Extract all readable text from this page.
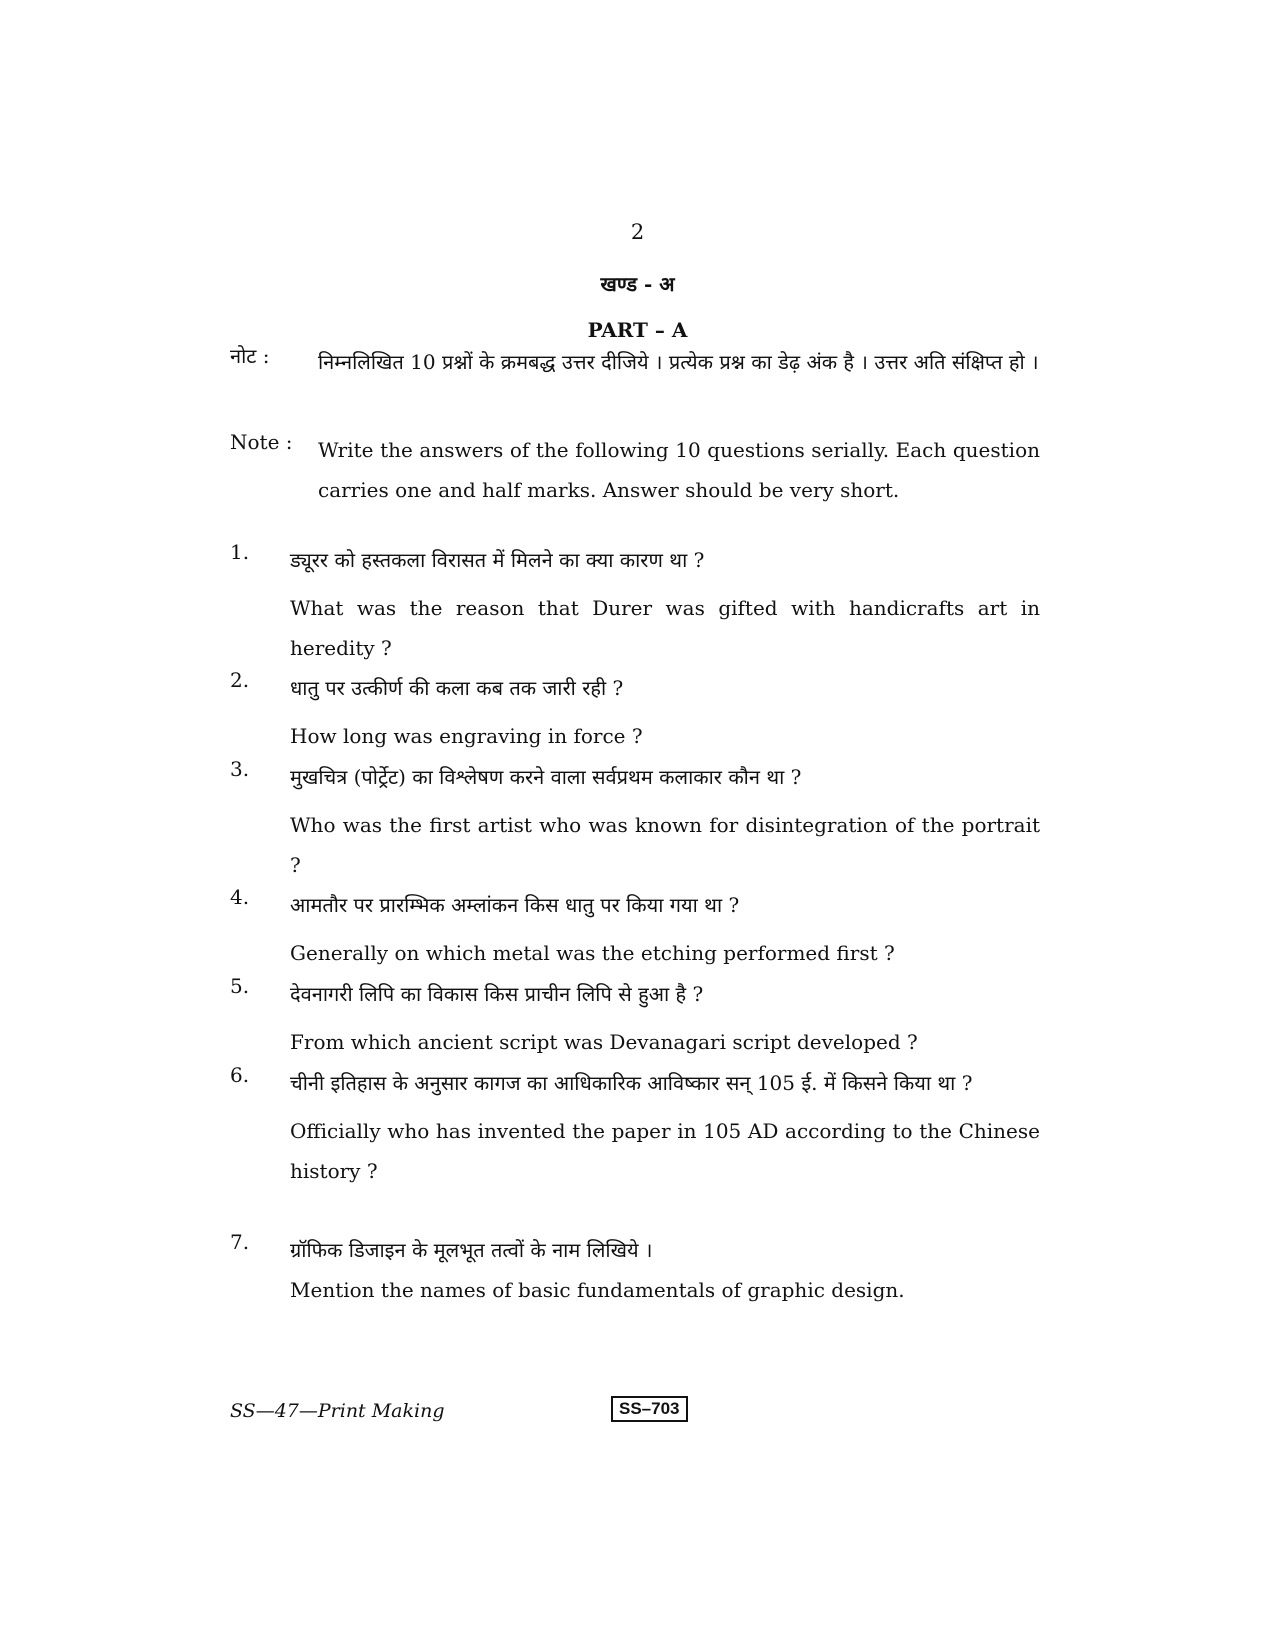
2
खण्ड - अ
PART – A
नोट : निम्नलिखित 10 प्रश्नों के क्रमबद्ध उत्तर दीजिये । प्रत्येक प्रश्न का डेढ़ अंक है । उत्तर अति संक्षिप्त हो ।
Note : Write the answers of the following 10 questions serially. Each question carries one and half marks. Answer should be very short.
1. ड्यूरर को हस्तकला विरासत में मिलने का क्या कारण था ?
What was the reason that Durer was gifted with handicrafts art in heredity ?
2. धातु पर उत्कीर्ण की कला कब तक जारी रही ?
How long was engraving in force ?
3. मुखचित्र (पोर्ट्रेट) का विश्लेषण करने वाला सर्वप्रथम कलाकार कौन था ?
Who was the first artist who was known for disintegration of the portrait ?
4. आमतौर पर प्रारम्भिक अम्लांकन किस धातु पर किया गया था ?
Generally on which metal was the etching performed first ?
5. देवनागरी लिपि का विकास किस प्राचीन लिपि से हुआ है ?
From which ancient script was Devanagari script developed ?
6. चीनी इतिहास के अनुसार कागज का आधिकारिक आविष्कार सन् 105 ई. में किसने किया था ?
Officially who has invented the paper in 105 AD according to the Chinese history ?
7. ग्रॉफिक डिजाइन के मूलभूत तत्वों के नाम लिखिये ।
Mention the names of basic fundamentals of graphic design.
SS—47—Print Making	SS–703
